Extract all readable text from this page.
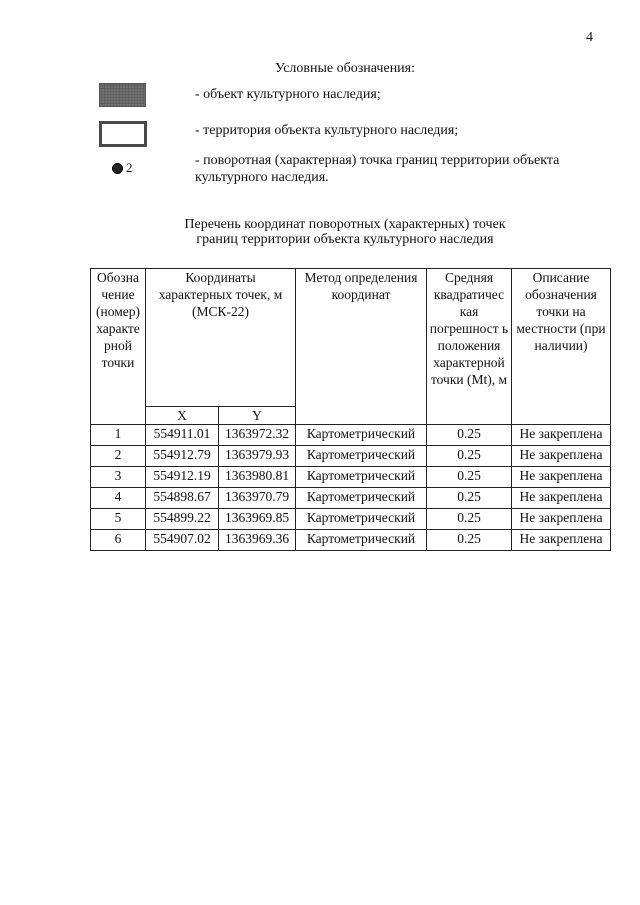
4
Условные обозначения:
- объект культурного наследия;
- территория объекта культурного наследия;
2	- поворотная (характерная) точка границ территории объекта культурного наследия.
Перечень координат поворотных (характерных) точек
границ территории объекта культурного наследия
Обозна чение (номер) характе рной точки	Координаты характерных точек, м (МСК-22)		Метод определения координат	Средняя квадратичес кая погрешност ь положения характерной точки (Mt), м	Описание обозначения точки на местности (при наличии)
	X	Y			
1	554911.01	1363972.32	Картометрический	0.25	Не закреплена
2	554912.79	1363979.93	Картометрический	0.25	Не закреплена
3	554912.19	1363980.81	Картометрический	0.25	Не закреплена
4	554898.67	1363970.79	Картометрический	0.25	Не закреплена
5	554899.22	1363969.85	Картометрический	0.25	Не закреплена
6	554907.02	1363969.36	Картометрический	0.25	Не закреплена
